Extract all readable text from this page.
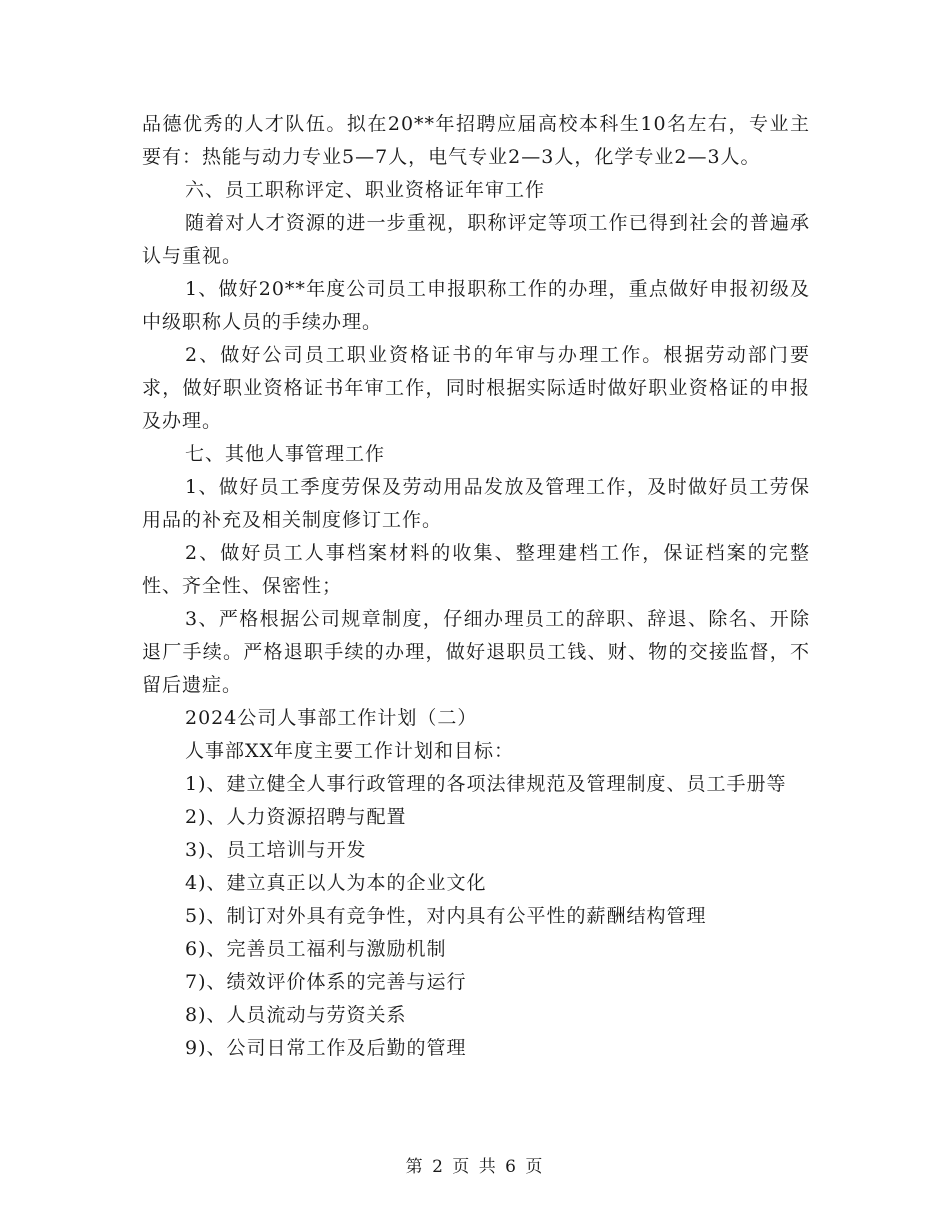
品德优秀的人才队伍。拟在20**年招聘应届高校本科生10名左右，专业主要有：热能与动力专业5—7人，电气专业2—3人，化学专业2—3人。

六、员工职称评定、职业资格证年审工作

随着对人才资源的进一步重视，职称评定等项工作已得到社会的普遍承认与重视。

1、做好20**年度公司员工申报职称工作的办理，重点做好申报初级及中级职称人员的手续办理。

2、做好公司员工职业资格证书的年审与办理工作。根据劳动部门要求，做好职业资格证书年审工作，同时根据实际适时做好职业资格证的申报及办理。

七、其他人事管理工作

1、做好员工季度劳保及劳动用品发放及管理工作，及时做好员工劳保用品的补充及相关制度修订工作。

2、做好员工人事档案材料的收集、整理建档工作，保证档案的完整性、齐全性、保密性；

3、严格根据公司规章制度，仔细办理员工的辞职、辞退、除名、开除退厂手续。严格退职手续的办理，做好退职员工钱、财、物的交接监督，不留后遗症。

2024公司人事部工作计划（二）

人事部XX年度主要工作计划和目标：

1)、建立健全人事行政管理的各项法律规范及管理制度、员工手册等

2)、人力资源招聘与配置

3)、员工培训与开发

4)、建立真正以人为本的企业文化

5)、制订对外具有竞争性，对内具有公平性的薪酬结构管理

6)、完善员工福利与激励机制

7)、绩效评价体系的完善与运行

8)、人员流动与劳资关系

9)、公司日常工作及后勤的管理

第 2 页 共 6 页
